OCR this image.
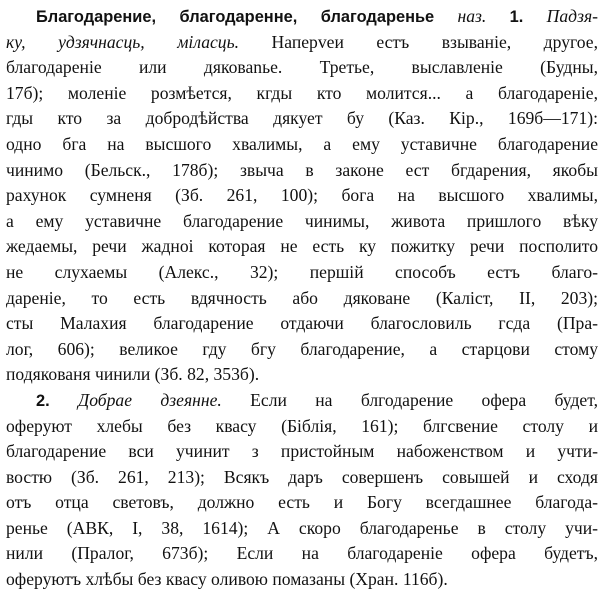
Благодарение, благодаренне, благодаренье наз. 1. Падзя-
ку, удзячнасць, мiласць. Наперveи естъ взываніе, другое,
благодареніе или дяковаnье. Третье, выславленіе (Будны,
17б); моленіе розмѣется, кгды кто молится... а благодареніе,
гды кто за добродѣйства дякует бу (Каз. Кір., 169б—171):
одно бга на высшого хвалимы, а ему уставичне благодарение
чинимо (Бельск., 178б); звыча в законе ест бгдарения, якобы
рахунок сумненя (Зб. 261, 100); бога на высшого хвалимы,
а ему уставичне благодарение чинимы, живота пришлого вѣку
жедаемы, речи жадноi которая не есть ку пожитку речи посполито
не слухаемы (Алекс., 32); першій способъ естъ благо-
дареніе, то есть вдячность або дякованe (Каліст, II, 203);
сты Малахия благодарение отдаючи благословиль гсда (Пра-
лог, 606); великое гду бгу благодарение, а старцови стому
подякованя чинили (Зб. 82, 353б).
2. Добрае дзеянне. Если на блгодарение офера будет,
оферуют хлебы без квасу (Біблія, 161); блгсвение столу и
благодарение вси учинит з пристойным набоженством и учти-
востю (Зб. 261, 213); Всякъ даръ совершенъ совышей и сходя
отъ отца световъ, должно есть и Богу всегдашнее благода-
ренье (АВК, I, 38, 1614); А скоро благодаренье в столу учи-
нили (Пралог, 673б); Если на благодареніе офера будетъ,
оферуютъ хлѣбы без квасу оливою помазаны (Хран. 116б).
